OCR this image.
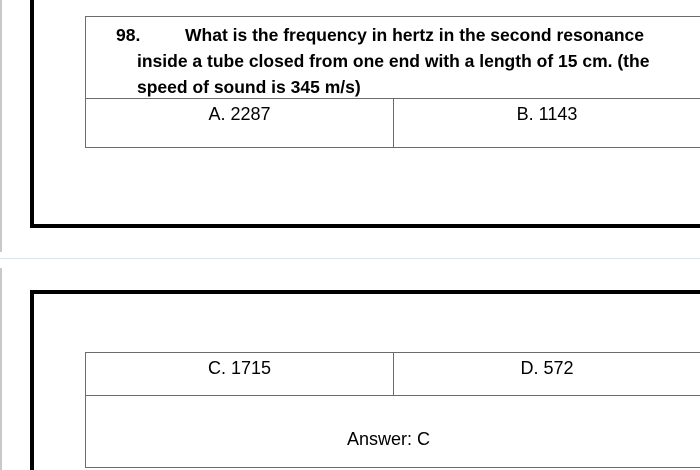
98.	What is the frequency in hertz in the second resonance inside a tube closed from one end with a length of 15 cm. (the speed of sound is 345 m/s)
A. 2287	B. 1143
C. 1715	D. 572
Answer: C
